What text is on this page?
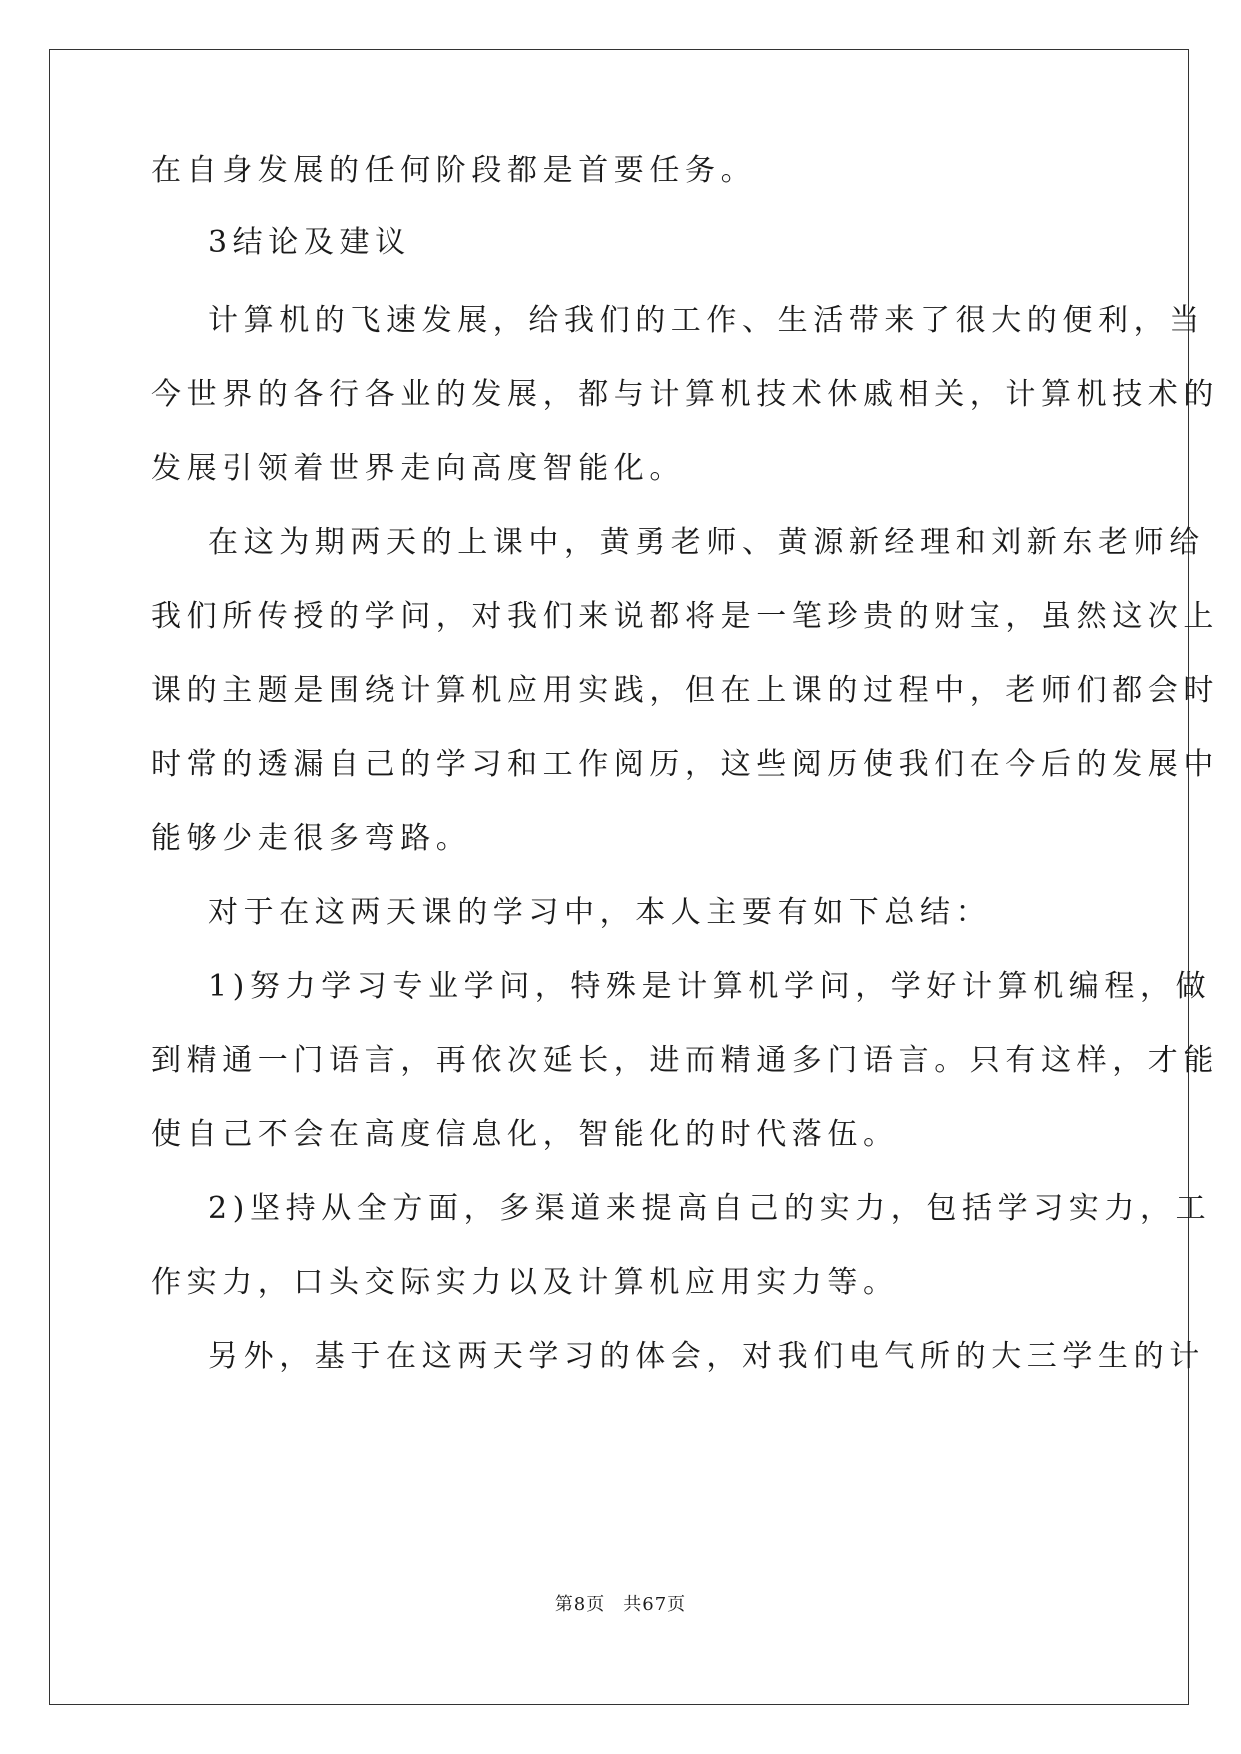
在自身发展的任何阶段都是首要任务。
3结论及建议
计算机的飞速发展，给我们的工作、生活带来了很大的便利，当
今世界的各行各业的发展，都与计算机技术休戚相关，计算机技术的
发展引领着世界走向高度智能化。
在这为期两天的上课中，黄勇老师、黄源新经理和刘新东老师给
我们所传授的学问，对我们来说都将是一笔珍贵的财宝，虽然这次上
课的主题是围绕计算机应用实践，但在上课的过程中，老师们都会时
时常的透漏自己的学习和工作阅历，这些阅历使我们在今后的发展中
能够少走很多弯路。
对于在这两天课的学习中，本人主要有如下总结：
1)努力学习专业学问，特殊是计算机学问，学好计算机编程，做
到精通一门语言，再依次延长，进而精通多门语言。只有这样，才能
使自己不会在高度信息化，智能化的时代落伍。
2)坚持从全方面，多渠道来提高自己的实力，包括学习实力，工
作实力，口头交际实力以及计算机应用实力等。
另外，基于在这两天学习的体会，对我们电气所的大三学生的计
第8页 共67页
